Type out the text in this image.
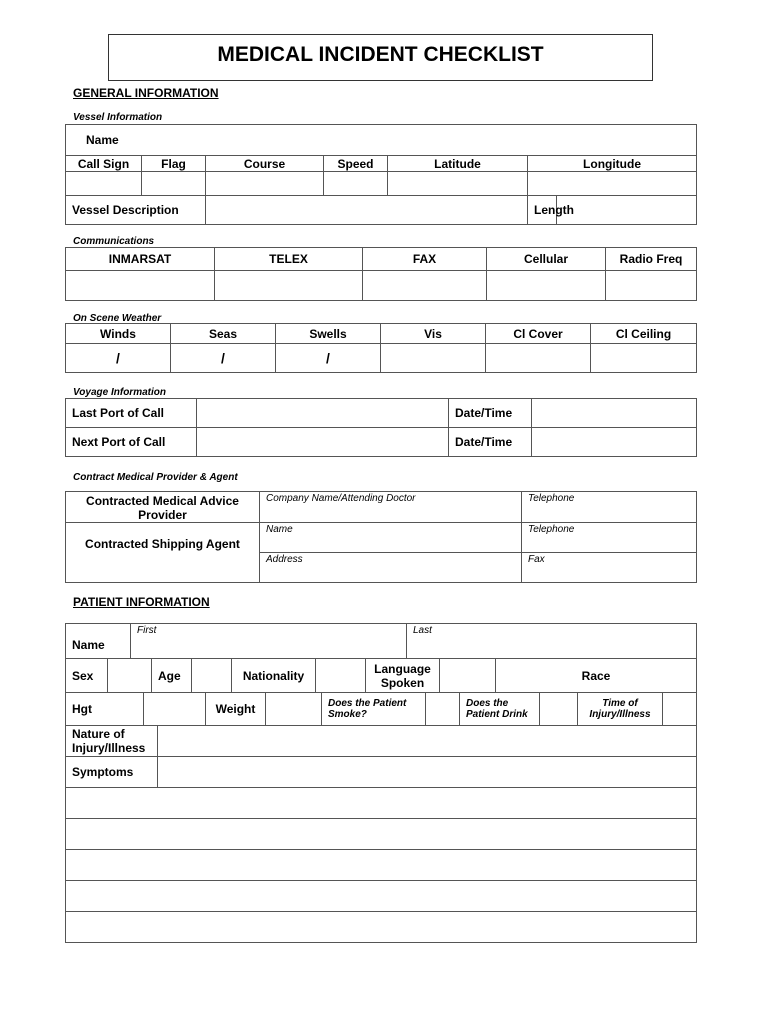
MEDICAL INCIDENT CHECKLIST
GENERAL INFORMATION
Vessel Information
Name						
Call Sign	Flag	Course	Speed	Latitude	Longitude	

Vessel Description					Length	
Communications
INMARSAT	TELEX	FAX	Cellular	Radio Freq

On Scene Weather
Winds	Seas	Swells	Vis	Cl Cover	Cl Ceiling
/	/	/			
Voyage Information
Last Port of Call		Date/Time	
Next Port of Call		Date/Time	
Contract Medical Provider & Agent
Contracted Medical Advice Provider	Company Name/Attending Doctor	Telephone
Contracted Shipping Agent	Name	Telephone
	Address	Fax
PATIENT INFORMATION
Name	First	Last
Sex		Age		Nationality		Language Spoken		Race
Hgt		Weight		Does the Patient Smoke?		Does the Patient Drink		Time of Injury/Illness	
Nature of Injury/Illness	
Symptoms	
